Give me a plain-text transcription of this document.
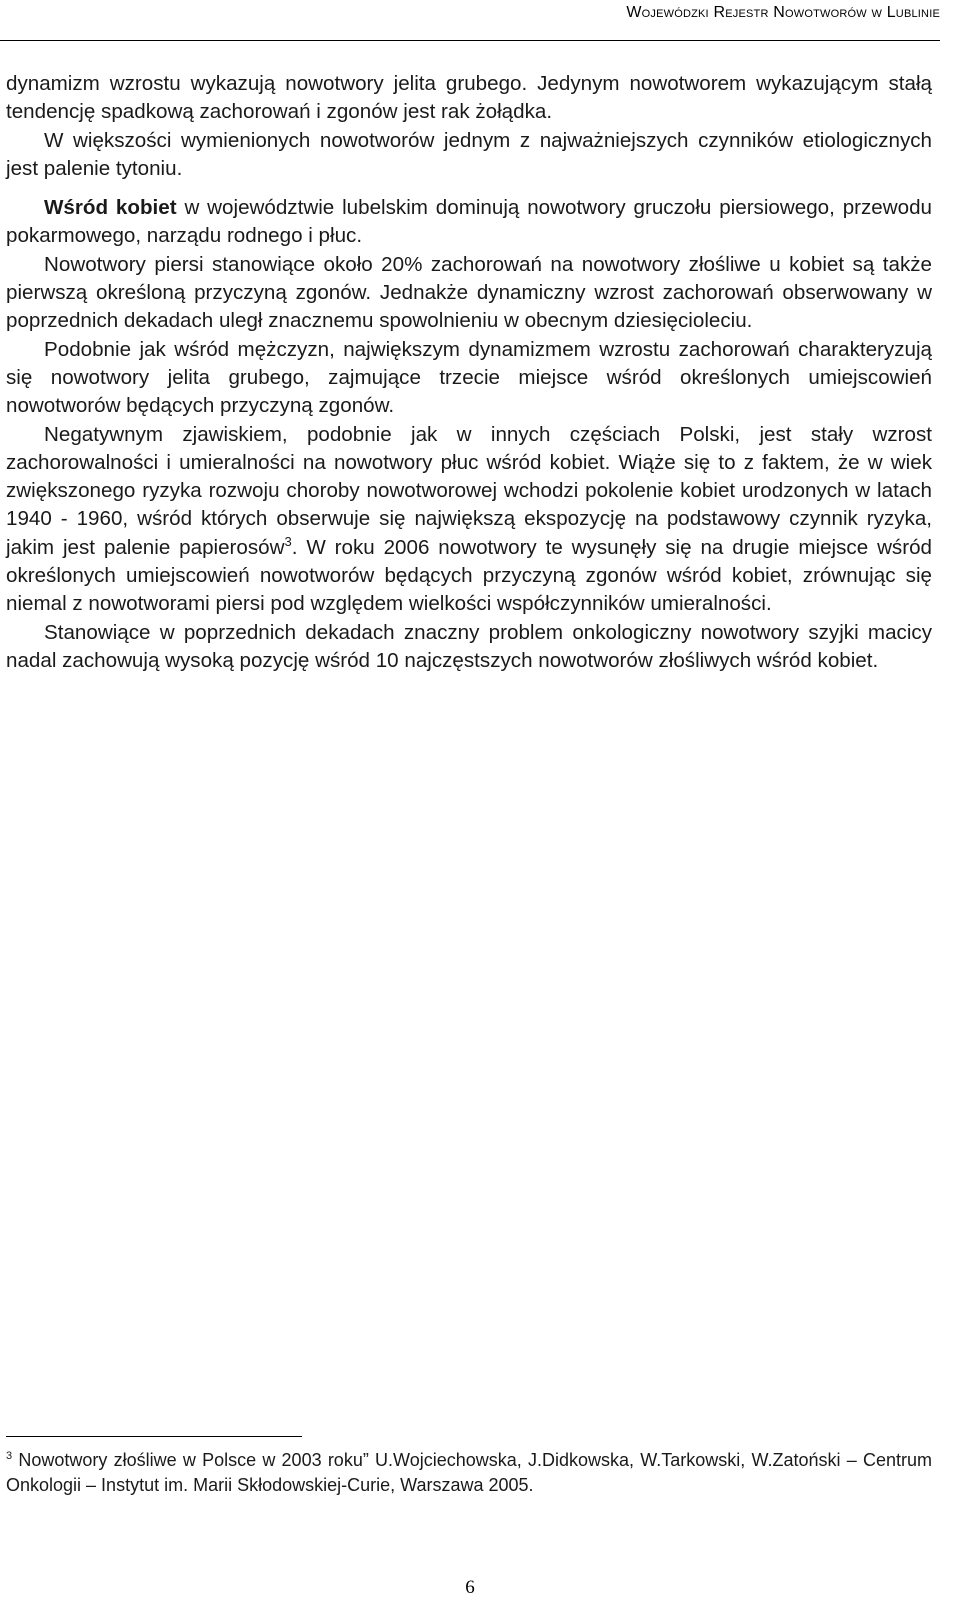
Wojewódzki Rejestr Nowotworów w Lublinie

dynamizm wzrostu wykazują nowotwory jelita grubego. Jedynym nowotworem wykazującym stałą tendencję spadkową zachorowań i zgonów jest rak żołądka.

W większości wymienionych nowotworów jednym z najważniejszych czynników etiologicznych jest palenie tytoniu.

Wśród kobiet w województwie lubelskim dominują nowotwory gruczołu piersiowego, przewodu pokarmowego, narządu rodnego i płuc.

Nowotwory piersi stanowiące około 20% zachorowań na nowotwory złośliwe u kobiet są także pierwszą określoną przyczyną zgonów. Jednakże dynamiczny wzrost zachorowań obserwowany w poprzednich dekadach uległ znacznemu spowolnieniu w obecnym dziesięcioleciu.

Podobnie jak wśród mężczyzn, największym dynamizmem wzrostu zachorowań charakteryzują się nowotwory jelita grubego, zajmujące trzecie miejsce wśród określonych umiejscowień nowotworów będących przyczyną zgonów.

Negatywnym zjawiskiem, podobnie jak w innych częściach Polski, jest stały wzrost zachorowalności i umieralności na nowotwory płuc wśród kobiet. Wiąże się to z faktem, że w wiek zwiększonego ryzyka rozwoju choroby nowotworowej wchodzi pokolenie kobiet urodzonych w latach 1940 - 1960, wśród których obserwuje się największą ekspozycję na podstawowy czynnik ryzyka, jakim jest palenie papierosów$^3$. W roku 2006 nowotwory te wysunęły się na drugie miejsce wśród określonych umiejscowień nowotworów będących przyczyną zgonów wśród kobiet, zrównując się niemal z nowotworami piersi pod względem wielkości współczynników umieralności.

Stanowiące w poprzednich dekadach znaczny problem onkologiczny nowotwory szyjki macicy nadal zachowują wysoką pozycję wśród 10 najczęstszych nowotworów złośliwych wśród kobiet.

$^3$ Nowotwory złośliwe w Polsce w 2003 roku” U.Wojciechowska, J.Didkowska, W.Tarkowski, W.Zatoński – Centrum Onkologii – Instytut im. Marii Skłodowskiej-Curie, Warszawa 2005.
6
